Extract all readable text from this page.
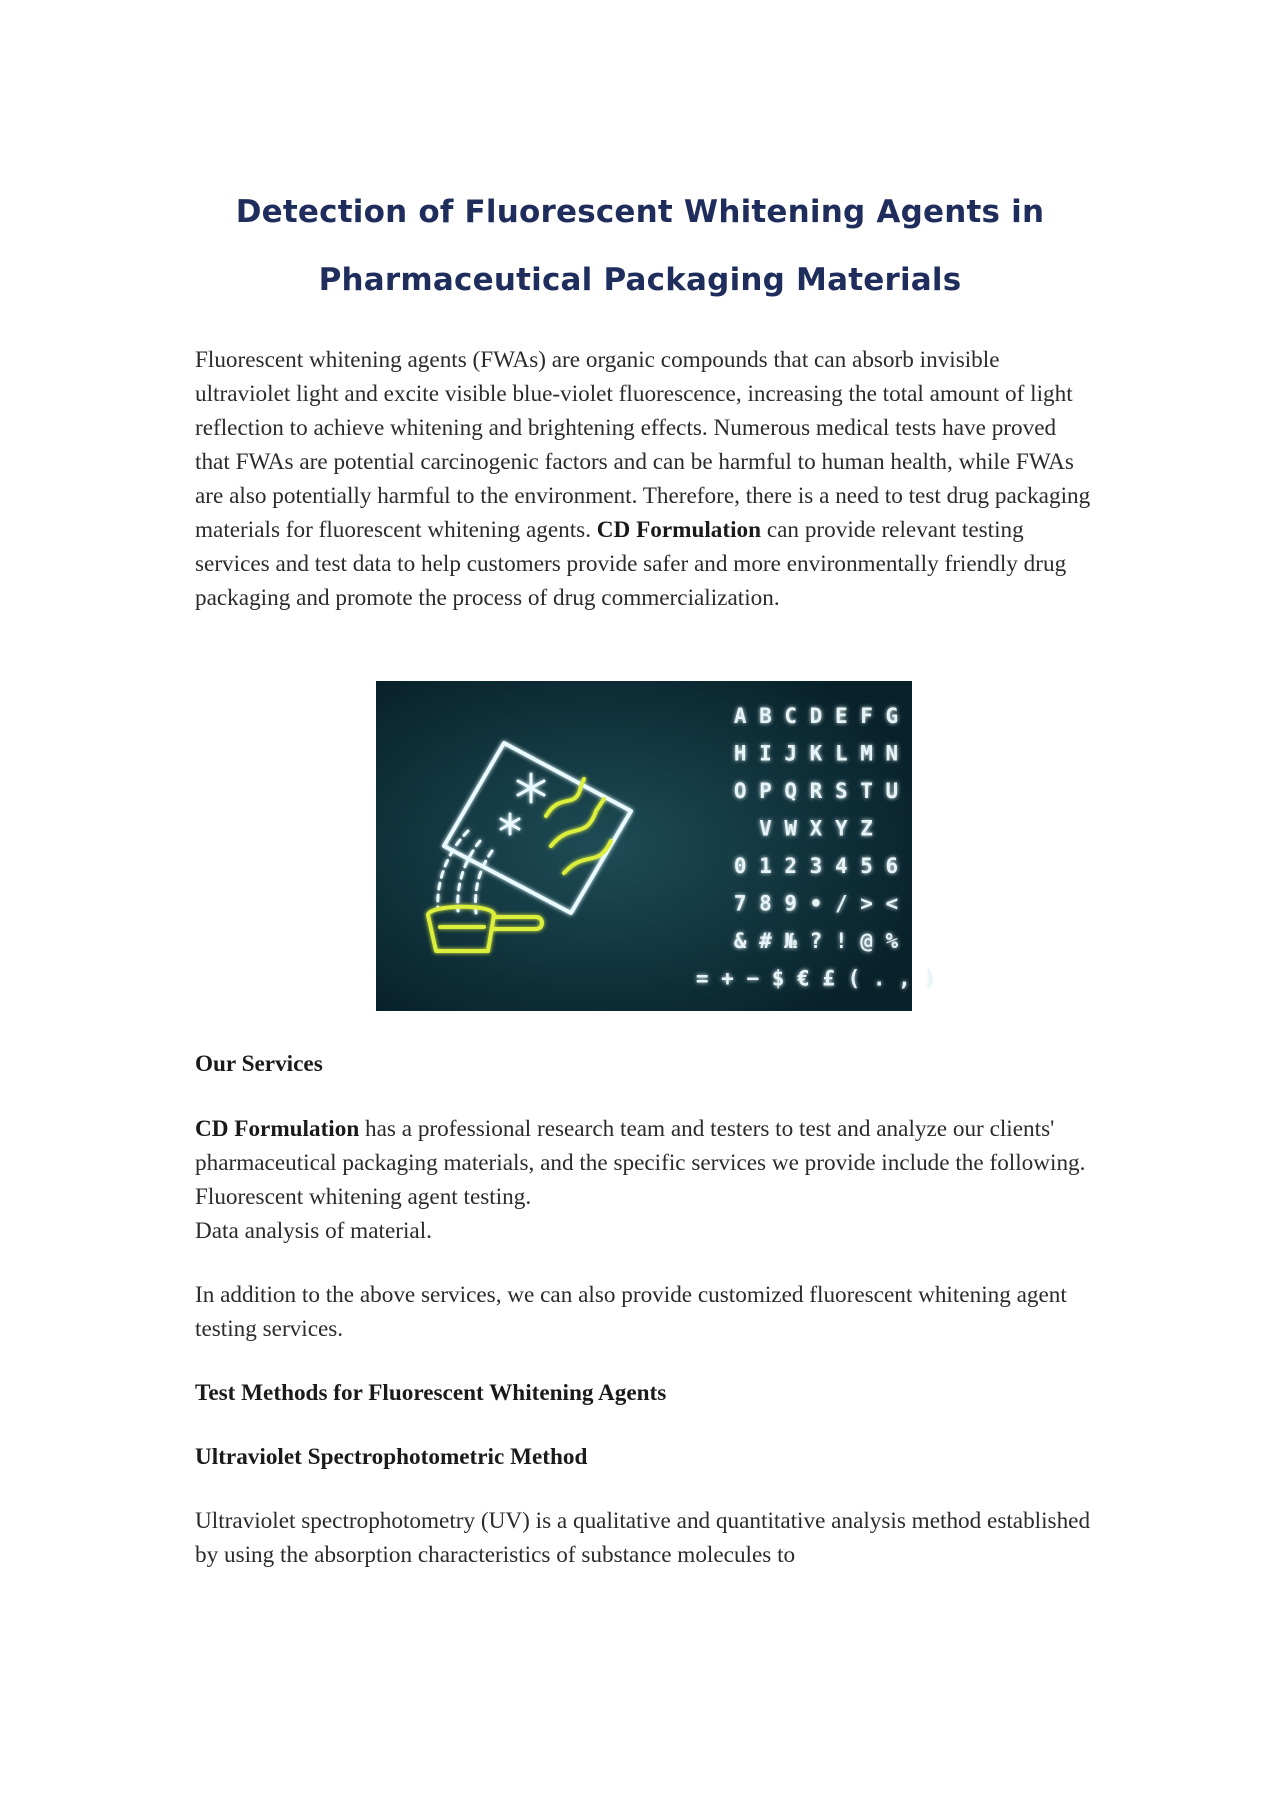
Detection of Fluorescent Whitening Agents in
Pharmaceutical Packaging Materials

Fluorescent whitening agents (FWAs) are organic compounds that can absorb invisible ultraviolet light and excite visible blue-violet fluorescence, increasing the total amount of light reflection to achieve whitening and brightening effects. Numerous medical tests have proved that FWAs are potential carcinogenic factors and can be harmful to human health, while FWAs are also potentially harmful to the environment. Therefore, there is a need to test drug packaging materials for fluorescent whitening agents. CD Formulation can provide relevant testing services and test data to help customers provide safer and more environmentally friendly drug packaging and promote the process of drug commercialization.

A B C D E F G
H I J K L M N
O P Q R S T U
V W X Y Z
0 1 2 3 4 5 6
7 8 9 • / > <
& # № ? ! @ %
= + − $ € £ ( . , )
Our Services

CD Formulation has a professional research team and testers to test and analyze our clients' pharmaceutical packaging materials, and the specific services we provide include the following.

Fluorescent whitening agent testing.
Data analysis of material.

In addition to the above services, we can also provide customized fluorescent whitening agent testing services.

Test Methods for Fluorescent Whitening Agents
Ultraviolet Spectrophotometric Method

Ultraviolet spectrophotometry (UV) is a qualitative and quantitative analysis method established by using the absorption characteristics of substance molecules to
